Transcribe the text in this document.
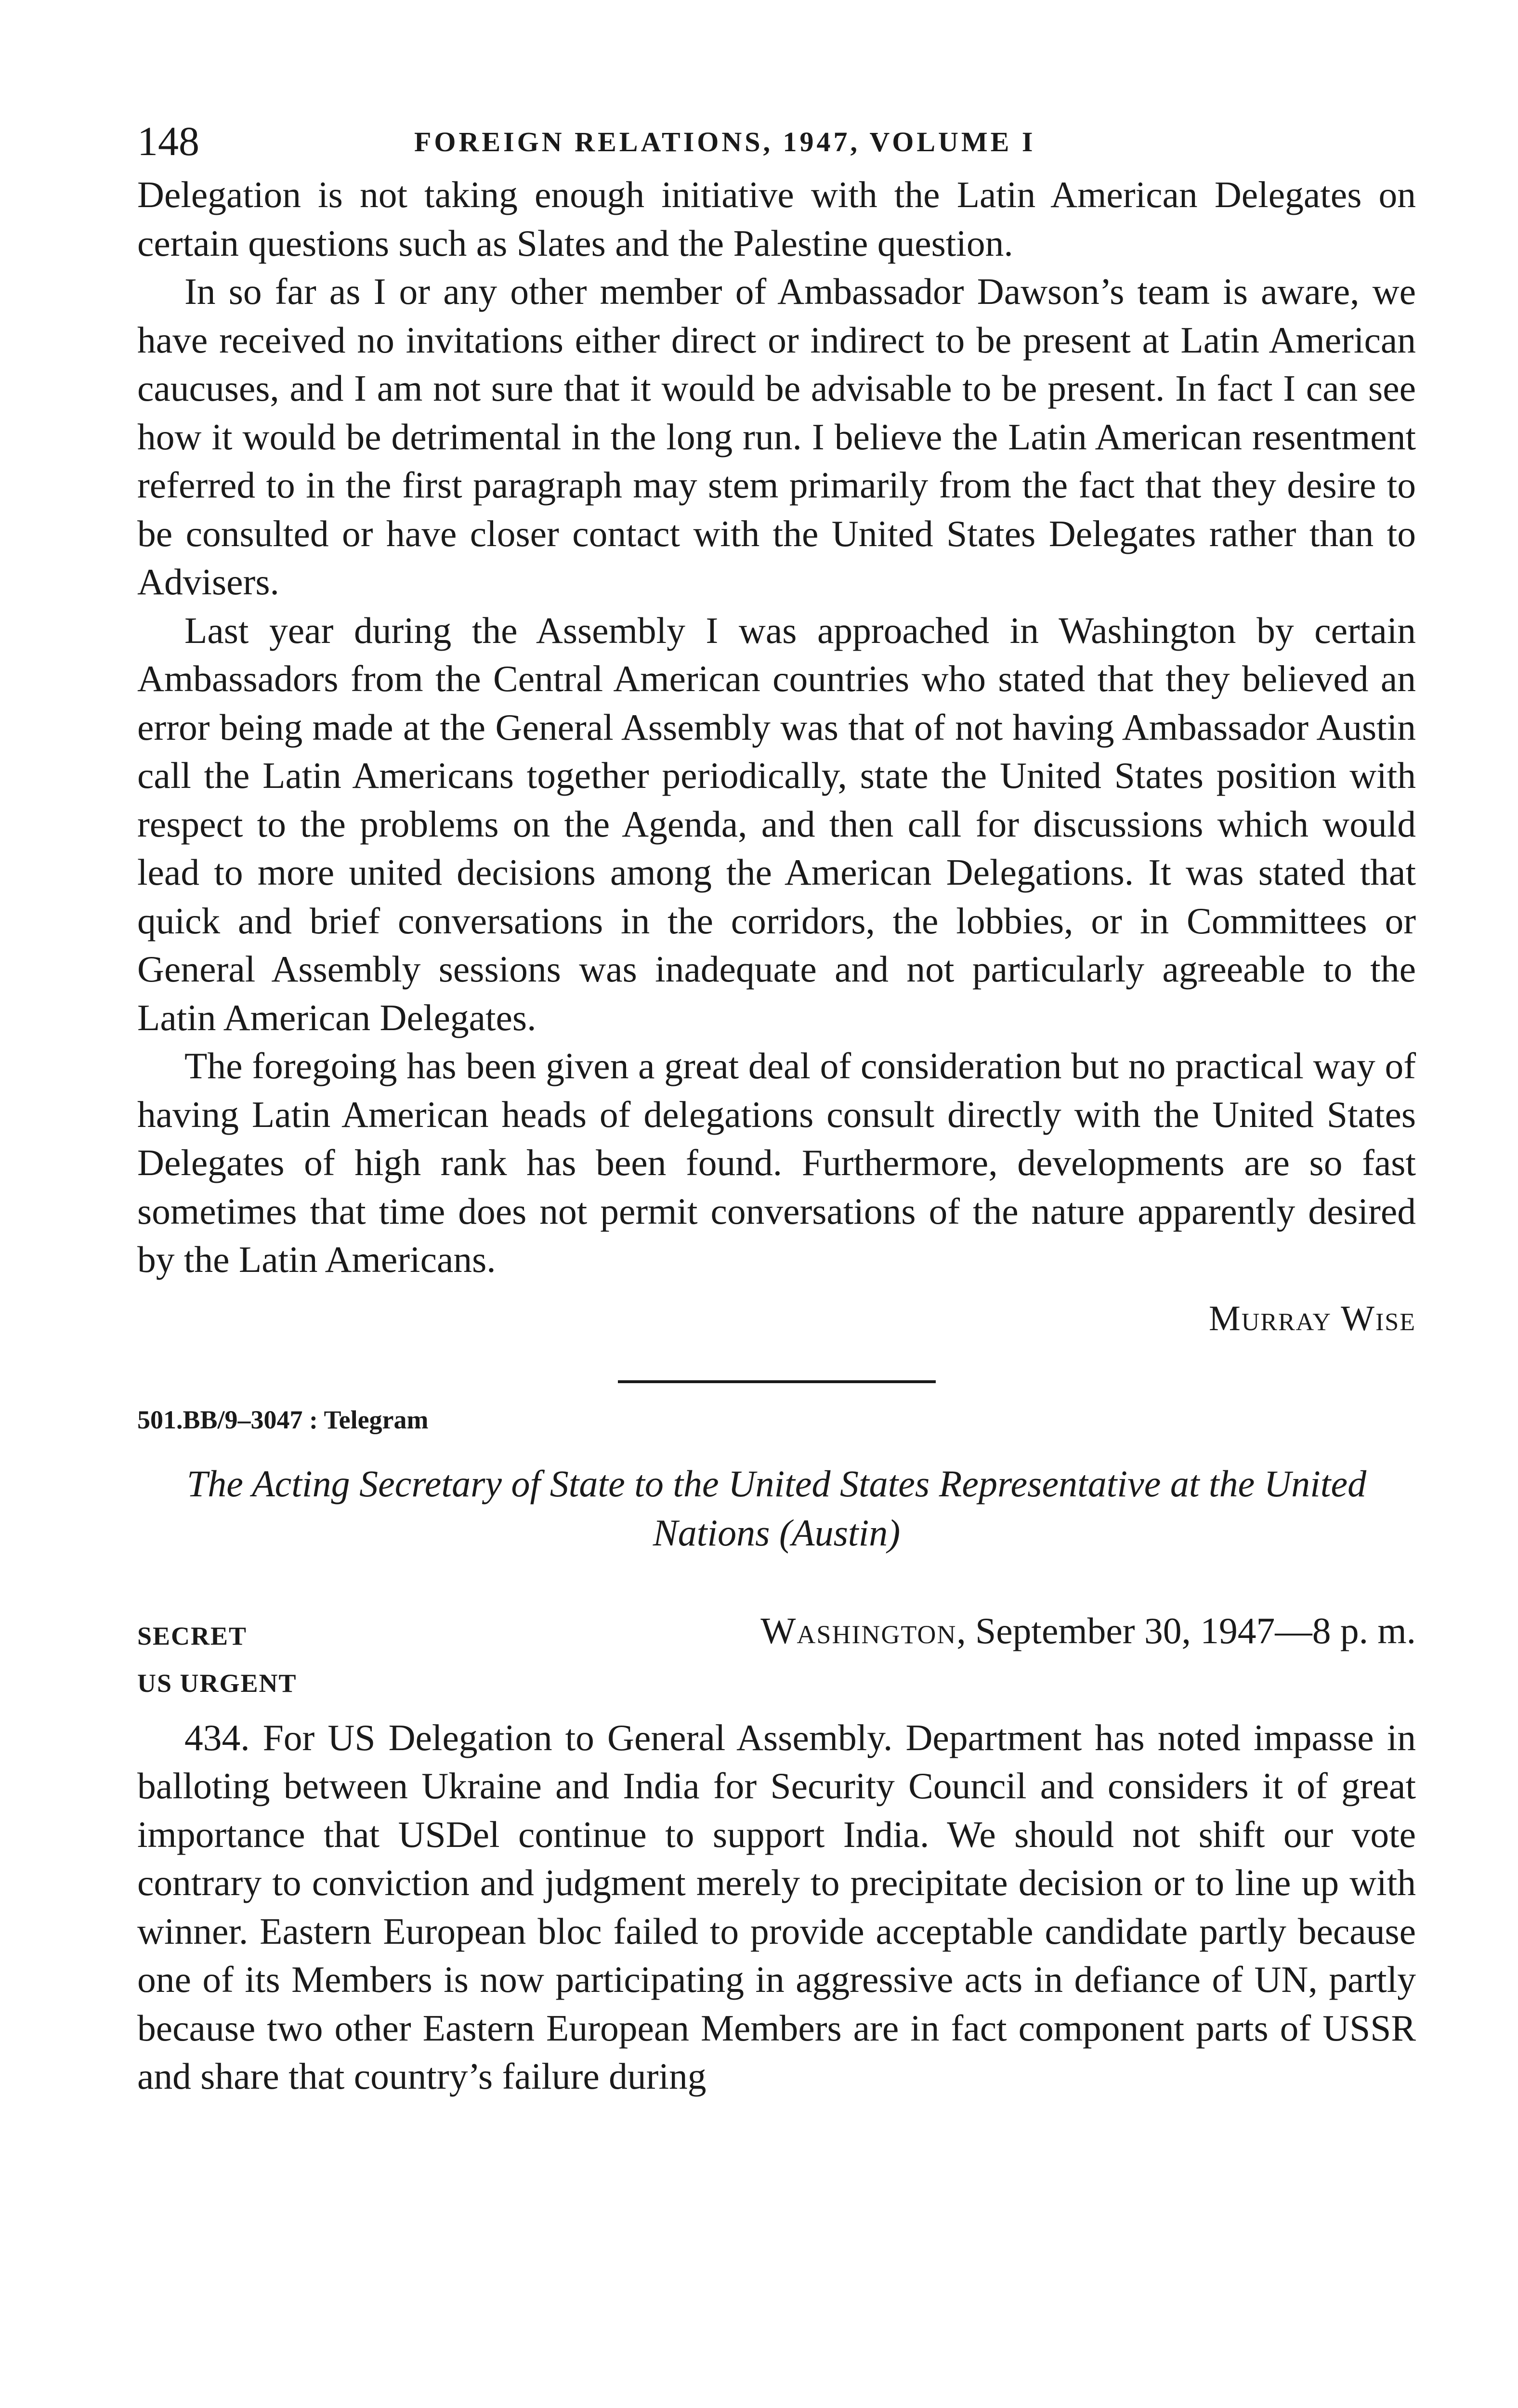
148	FOREIGN RELATIONS, 1947, VOLUME I

Delegation is not taking enough initiative with the Latin American Delegates on certain questions such as Slates and the Palestine question.

In so far as I or any other member of Ambassador Dawson’s team is aware, we have received no invitations either direct or indirect to be present at Latin American caucuses, and I am not sure that it would be advisable to be present. In fact I can see how it would be detrimental in the long run. I believe the Latin American resentment referred to in the first paragraph may stem primarily from the fact that they desire to be consulted or have closer contact with the United States Delegates rather than to Advisers.

Last year during the Assembly I was approached in Washington by certain Ambassadors from the Central American countries who stated that they believed an error being made at the General Assembly was that of not having Ambassador Austin call the Latin Americans together periodically, state the United States position with respect to the problems on the Agenda, and then call for discussions which would lead to more united decisions among the American Delegations. It was stated that quick and brief conversations in the corridors, the lobbies, or in Committees or General Assembly sessions was inadequate and not particularly agreeable to the Latin American Delegates.

The foregoing has been given a great deal of consideration but no practical way of having Latin American heads of delegations consult directly with the United States Delegates of high rank has been found. Furthermore, developments are so fast sometimes that time does not permit conversations of the nature apparently desired by the Latin Americans.

Murray Wise

501.BB/9–3047 : Telegram

The Acting Secretary of State to the United States Representative at the United Nations (Austin)

SECRET
US URGENT
Washington, September 30, 1947—8 p. m.

434. For US Delegation to General Assembly. Department has noted impasse in balloting between Ukraine and India for Security Council and considers it of great importance that USDel continue to support India. We should not shift our vote contrary to conviction and judgment merely to precipitate decision or to line up with winner. Eastern European bloc failed to provide acceptable candidate partly because one of its Members is now participating in aggressive acts in defiance of UN, partly because two other Eastern European Members are in fact component parts of USSR and share that country’s failure during
